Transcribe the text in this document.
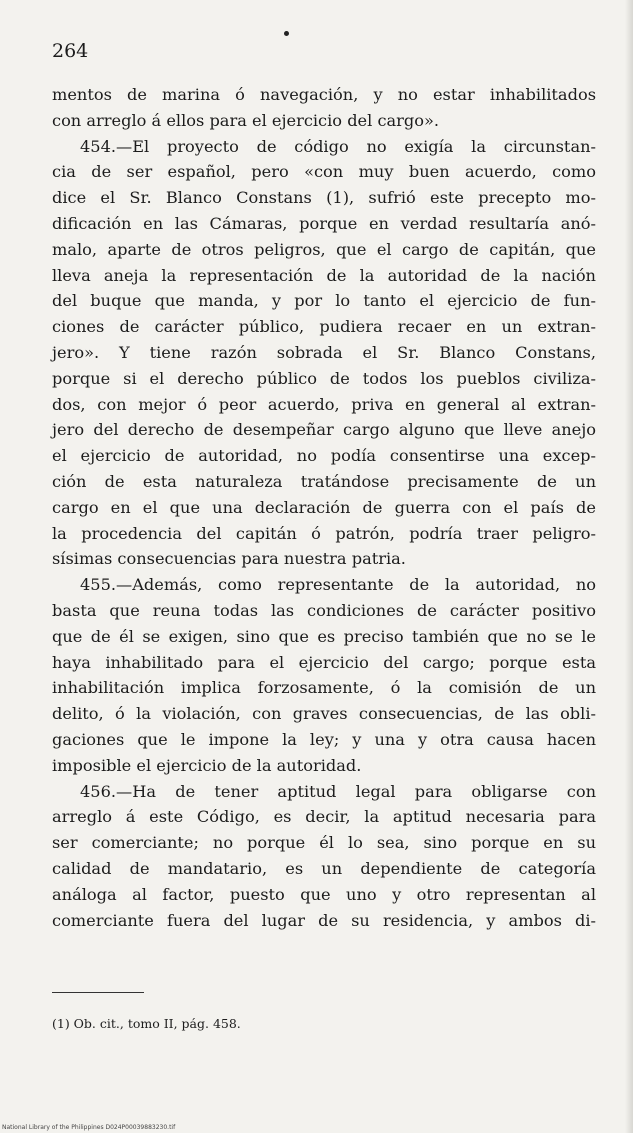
264
mentos de marina ó navegación, y no estar inhabilitados
con arreglo á ellos para el ejercicio del cargo».
454.—El proyecto de código no exigía la circunstan-
cia de ser español, pero «con muy buen acuerdo, como
dice el Sr. Blanco Constans (1), sufrió este precepto mo-
dificación en las Cámaras, porque en verdad resultaría anó-
malo, aparte de otros peligros, que el cargo de capitán, que
lleva aneja la representación de la autoridad de la nación
del buque que manda, y por lo tanto el ejercicio de fun-
ciones de carácter público, pudiera recaer en un extran-
jero». Y tiene razón sobrada el Sr. Blanco Constans,
porque si el derecho público de todos los pueblos civiliza-
dos, con mejor ó peor acuerdo, priva en general al extran-
jero del derecho de desempeñar cargo alguno que lleve anejo
el ejercicio de autoridad, no podía consentirse una excep-
ción de esta naturaleza tratándose precisamente de un
cargo en el que una declaración de guerra con el país de
la procedencia del capitán ó patrón, podría traer peligro-
sísimas consecuencias para nuestra patria.
455.—Además, como representante de la autoridad, no
basta que reuna todas las condiciones de carácter positivo
que de él se exigen, sino que es preciso también que no se le
haya inhabilitado para el ejercicio del cargo; porque esta
inhabilitación implica forzosamente, ó la comisión de un
delito, ó la violación, con graves consecuencias, de las obli-
gaciones que le impone la ley; y una y otra causa hacen
imposible el ejercicio de la autoridad.
456.—Ha de tener aptitud legal para obligarse con
arreglo á este Código, es decir, la aptitud necesaria para
ser comerciante; no porque él lo sea, sino porque en su
calidad de mandatario, es un dependiente de categoría
análoga al factor, puesto que uno y otro representan al
comerciante fuera del lugar de su residencia, y ambos di-
(1) Ob. cit., tomo II, pág. 458.
National Library of the Philippines D024P00039883230.tif
